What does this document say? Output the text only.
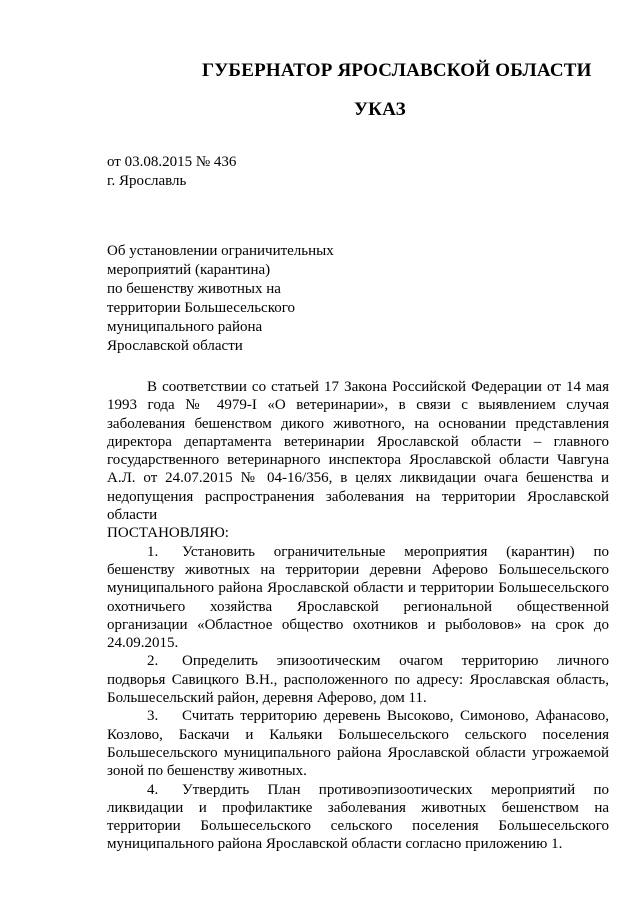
ГУБЕРНАТОР ЯРОСЛАВСКОЙ ОБЛАСТИ
УКАЗ
от 03.08.2015 № 436
г. Ярославль
Об установлении ограничительных
мероприятий (карантина)
по бешенству животных на
территории Большесельского
муниципального района
Ярославской области

В соответствии со статьей 17 Закона Российской Федерации от 14 мая 1993 года № 4979-I «О ветеринарии», в связи с выявлением случая заболевания бешенством дикого животного, на основании представления директора департамента ветеринарии Ярославской области – главного государственного ветеринарного инспектора Ярославской области Чавгуна А.Л. от 24.07.2015 № 04-16/356, в целях ликвидации очага бешенства и недопущения распространения заболевания на территории Ярославской области

ПОСТАНОВЛЯЮ:

1. Установить ограничительные мероприятия (карантин) по бешенству животных на территории деревни Аферово Большесельского муниципального района Ярославской области и территории Большесельского охотничьего хозяйства Ярославской региональной общественной организации «Областное общество охотников и рыболовов» на срок до 24.09.2015.

2. Определить эпизоотическим очагом территорию личного подворья Савицкого В.Н., расположенного по адресу: Ярославская область, Большесельский район, деревня Аферово, дом 11.

3. Считать территорию деревень Высоково, Симоново, Афанасово, Козлово, Баскачи и Кальяки Большесельского сельского поселения Большесельского муниципального района Ярославской области угрожаемой зоной по бешенству животных.

4. Утвердить План противоэпизоотических мероприятий по ликвидации и профилактике заболевания животных бешенством на территории Большесельского сельского поселения Большесельского муниципального района Ярославской области согласно приложению 1.
